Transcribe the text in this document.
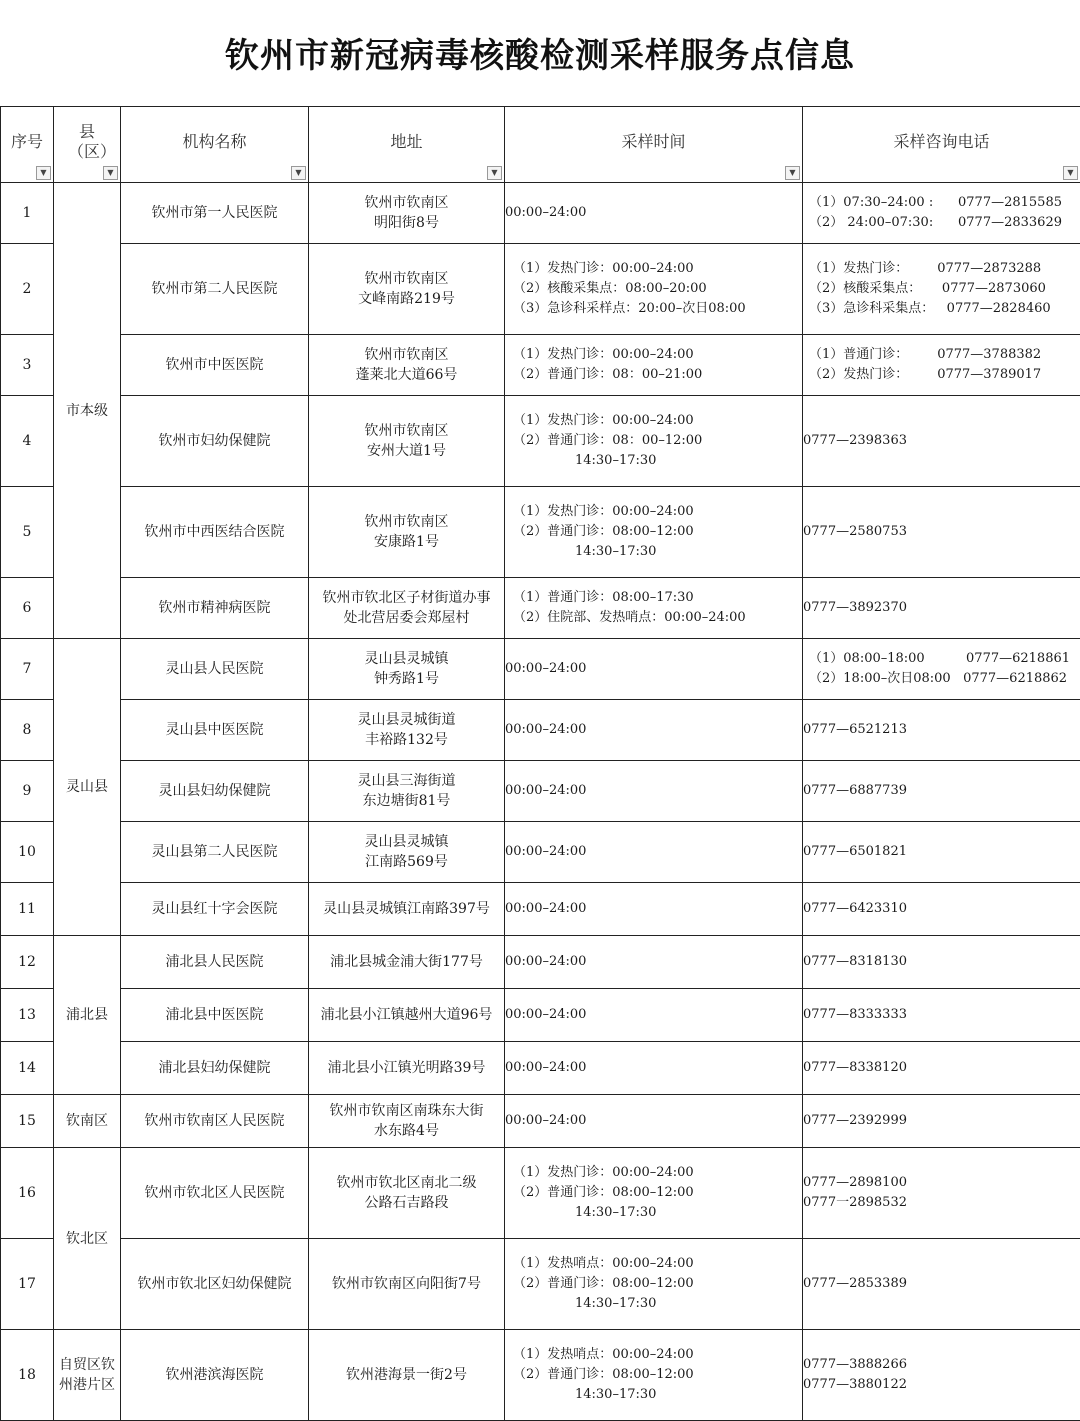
钦州市新冠病毒核酸检测采样服务点信息
序号
▼	县（区）
▼	机构名称
▼	地址
▼	采样时间
▼	采样咨询电话
▼

1	市本级	钦州市第一人民医院	钦州市钦南区
明阳街8号	00:00–24:00	（1）07:30–24:00 :      0777—2815585
（2） 24:00–07:30:      0777—2833629

2		钦州市第二人民医院	钦州市钦南区
文峰南路219号	（1）发热门诊：00:00–24:00
（2）核酸采集点：08:00–20:00
（3）急诊科采样点：20:00–次日08:00	（1）发热门诊：       0777—2873288
（2）核酸采集点：     0777—2873060
（3）急诊科采集点：   0777—2828460

3		钦州市中医医院	钦州市钦南区
蓬莱北大道66号	（1）发热门诊：00:00–24:00
（2）普通门诊：08：00–21:00	（1）普通门诊：       0777—3788382
（2）发热门诊：       0777—3789017

4		钦州市妇幼保健院	钦州市钦南区
安州大道1号	（1）发热门诊：00:00–24:00
（2）普通门诊：08：00–12:00
14:30–17:30	0777—2398363

5		钦州市中西医结合医院	钦州市钦南区
安康路1号	（1）发热门诊：00:00–24:00
（2）普通门诊：08:00–12:00
14:30–17:30	0777—2580753

6		钦州市精神病医院	钦州市钦北区子材街道办事
处北营居委会郑屋村	（1）普通门诊：08:00–17:30
（2）住院部、发热哨点：00:00–24:00	0777—3892370

7	灵山县	灵山县人民医院	灵山县灵城镇
钟秀路1号	00:00–24:00	（1）08:00–18:00          0777—6218861
（2）18:00–次日08:00   0777—6218862

8		灵山县中医医院	灵山县灵城街道
丰裕路132号	00:00–24:00	0777—6521213

9		灵山县妇幼保健院	灵山县三海街道
东边塘街81号	00:00–24:00	0777—6887739

10		灵山县第二人民医院	灵山县灵城镇
江南路569号	00:00–24:00	0777—6501821

11		灵山县红十字会医院	灵山县灵城镇江南路397号	00:00–24:00	0777—6423310

12	浦北县	浦北县人民医院	浦北县城金浦大街177号	00:00–24:00	0777—8318130

13		浦北县中医医院	浦北县小江镇越州大道96号	00:00–24:00	0777—8333333

14		浦北县妇幼保健院	浦北县小江镇光明路39号	00:00–24:00	0777—8338120

15	钦南区	钦州市钦南区人民医院	钦州市钦南区南珠东大街
水东路4号	00:00–24:00	0777—2392999

16	钦北区	钦州市钦北区人民医院	钦州市钦北区南北二级
公路石吉路段	（1）发热门诊：00:00–24:00
（2）普通门诊：08:00–12:00
14:30–17:30	0777—2898100
0777一2898532

17		钦州市钦北区妇幼保健院	钦州市钦南区向阳街7号	（1）发热哨点：00:00–24:00
（2）普通门诊：08:00–12:00
14:30–17:30	0777—2853389

18	自贸区钦州港片区	钦州港滨海医院	钦州港海景一街2号	（1）发热哨点：00:00–24:00
（2）普通门诊：08:00–12:00
14:30–17:30	0777—3888266
0777—3880122
